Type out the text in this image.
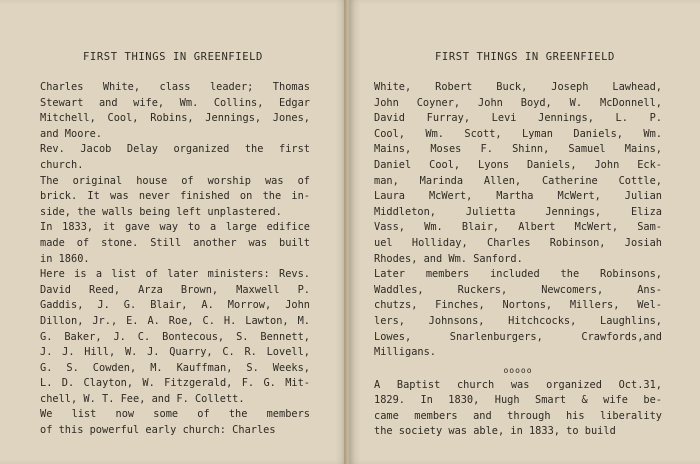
FIRST THINGS IN GREENFIELD

Charles White, class leader; Thomas

Stewart and wife, Wm. Collins, Edgar

Mitchell, Cool, Robins, Jennings, Jones,

and Moore.

Rev. Jacob Delay organized the first

church.

The original house of worship was of

brick. It was never finished on the in-

side, the walls being left unplastered.

In 1833, it gave way to a large edifice

made of stone. Still another was built

in 1860.

Here is a list of later ministers: Revs.

David Reed, Arza Brown, Maxwell P.

Gaddis, J. G. Blair, A. Morrow, John

Dillon, Jr., E. A. Roe, C. H. Lawton, M.

G. Baker, J. C. Bontecous, S. Bennett,

J. J. Hill, W. J. Quarry, C. R. Lovell,

G. S. Cowden, M. Kauffman, S. Weeks,

L. D. Clayton, W. Fitzgerald, F. G. Mit-

chell, W. T. Fee, and F. Collett.

We list now some of the members

of this powerful early church: Charles

FIRST THINGS IN GREENFIELD

White, Robert Buck, Joseph Lawhead,

John Coyner, John Boyd, W. McDonnell,

David Furray, Levi Jennings, L. P.

Cool, Wm. Scott, Lyman Daniels, Wm.

Mains, Moses F. Shinn, Samuel Mains,

Daniel Cool, Lyons Daniels, John Eck-

man, Marinda Allen, Catherine Cottle,

Laura McWert, Martha McWert, Julian

Middleton, Julietta Jennings, Eliza

Vass, Wm. Blair, Albert McWert, Sam-

uel Holliday, Charles Robinson, Josiah

Rhodes, and Wm. Sanford.

Later members included the Robinsons,

Waddles, Ruckers, Newcomers, Ans-

chutzs, Finches, Nortons, Millers, Wel-

lers, Johnsons, Hitchcocks, Laughlins,

Lowes, Snarlenburgers, Crawfords,and

Milligans.

ooooo

A Baptist church was organized Oct.31,

1829. In 1830, Hugh Smart & wife be-

came members and through his liberality

the society was able, in 1833, to build
